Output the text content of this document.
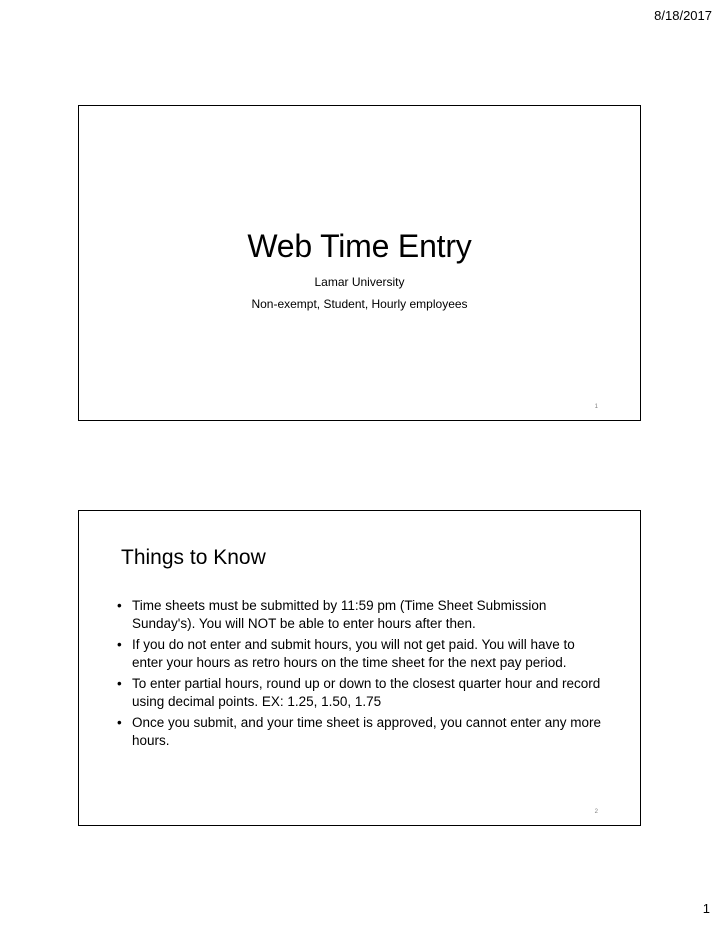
8/18/2017
Web Time Entry
Lamar University
Non-exempt, Student, Hourly employees
1
Things to Know
• Time sheets must be submitted by 11:59 pm (Time Sheet Submission Sunday's). You will NOT be able to enter hours after then.
• If you do not enter and submit hours, you will not get paid. You will have to enter your hours as retro hours on the time sheet for the next pay period.
• To enter partial hours, round up or down to the closest quarter hour and record using decimal points. EX: 1.25, 1.50, 1.75
• Once you submit, and your time sheet is approved, you cannot enter any more hours.
2
1
